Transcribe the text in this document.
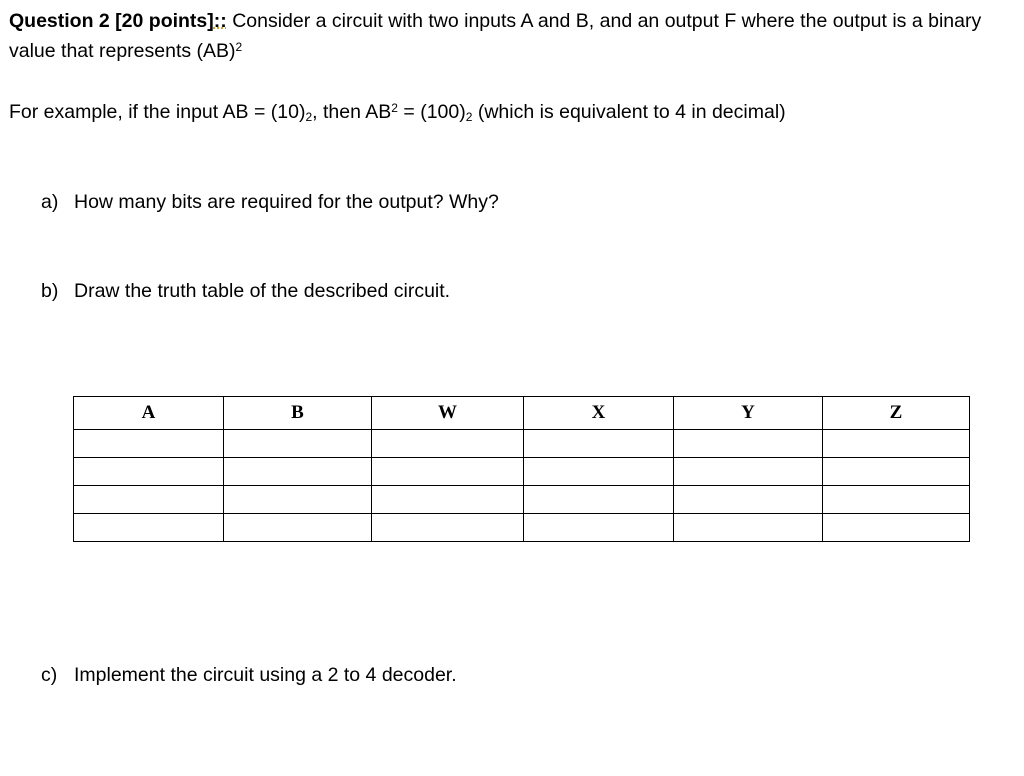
Question 2 [20 points]:: Consider a circuit with two inputs A and B, and an output F where the output is a binary value that represents (AB)$^2$
For example, if the input AB = $(10)_2$, then $AB^2 = (100)_2$ (which is equivalent to 4 in decimal)
a) How many bits are required for the output? Why?
b) Draw the truth table of the described circuit.
A	B	W	X	Y	Z

c) Implement the circuit using a 2 to 4 decoder.
